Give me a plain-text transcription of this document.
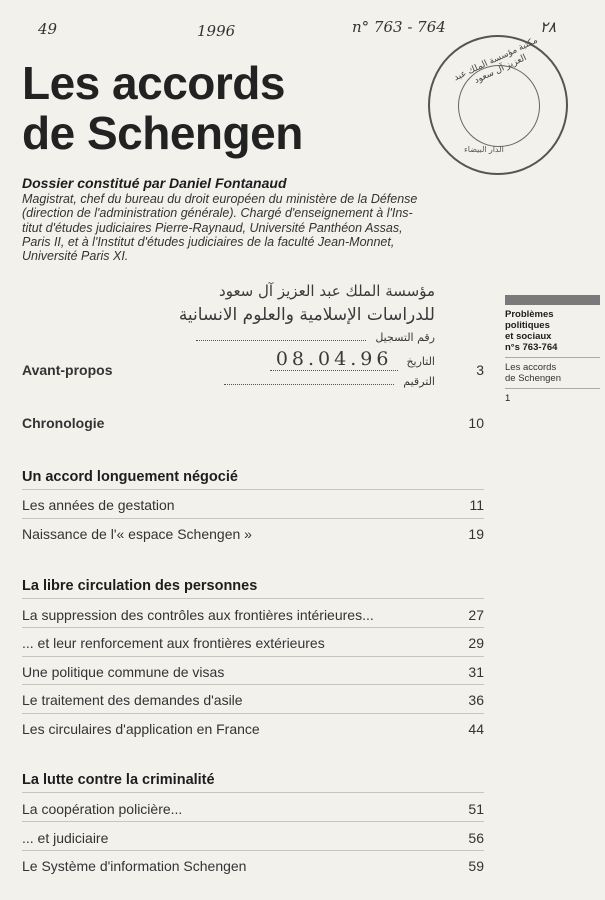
49	1996	n° 763 - 764	٢٨
مكتبة مؤسسة الملك عبد العزيز آل سعود
الدار البيضاء
Les accords
de Schengen
Dossier constitué par Daniel Fontanaud
Magistrat, chef du bureau du droit européen du ministère de la Défense
(direction de l'administration générale). Chargé d'enseignement à l'Ins-
titut d'études judiciaires Pierre-Raynaud, Université Panthéon Assas,
Paris II, et à l'Institut d'études judiciaires de la faculté Jean-Monnet,
Université Paris XI.
مؤسسة الملك عبد العزيز آل سعود
للدراسات الإسلامية والعلوم الانسانية
رقم التسجيل
08.04.96	التاريخ
الترقيم
Avant-propos	3
Chronologie	10
Un accord longuement négocié
Les années de gestation	11
Naissance de l'« espace Schengen »	19
La libre circulation des personnes
La suppression des contrôles aux frontières intérieures...	27
... et leur renforcement aux frontières extérieures	29
Une politique commune de visas	31
Le traitement des demandes d'asile	36
Les circulaires d'application en France	44
La lutte contre la criminalité
La coopération policière...	51
... et judiciaire	56
Le Système d'information Schengen	59
Problèmes
politiques
et sociaux
n°s 763-764
Les accords
de Schengen
1
